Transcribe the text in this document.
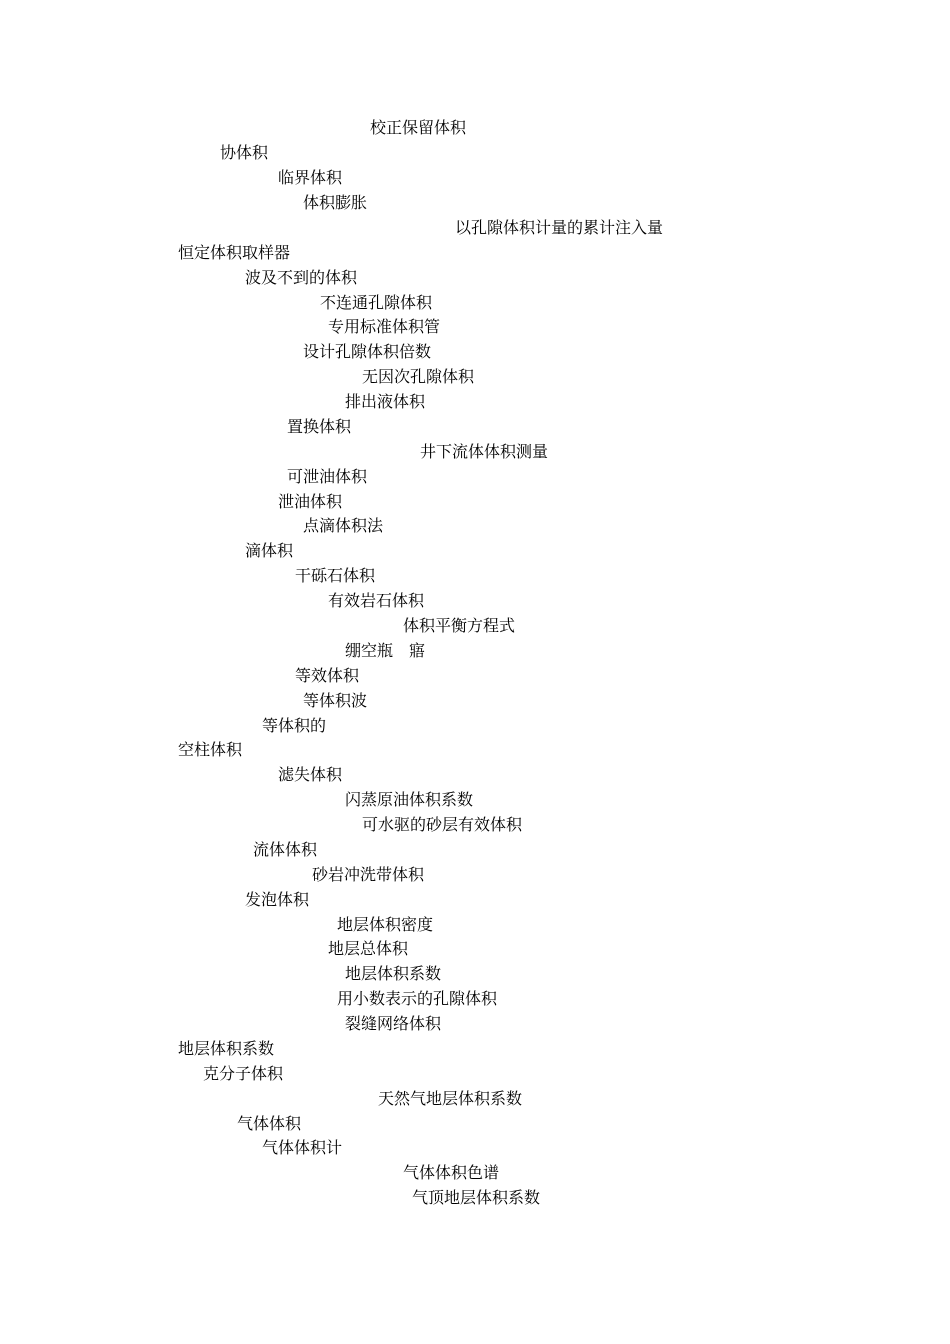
校正保留体积
协体积
临界体积
体积膨胀
以孔隙体积计量的累计注入量
恒定体积取样器
波及不到的体积
不连通孔隙体积
专用标准体积管
设计孔隙体积倍数
无因次孔隙体积
排出液体积
置换体积
井下流体体积测量
可泄油体积
泄油体积
点滴体积法
滴体积
干砾石体积
有效岩石体积
体积平衡方程式
绷空瓶　寤
等效体积
等体积波
等体积的
空柱体积
滤失体积
闪蒸原油体积系数
可水驱的砂层有效体积
流体体积
砂岩冲洗带体积
发泡体积
地层体积密度
地层总体积
地层体积系数
用小数表示的孔隙体积
裂缝网络体积
地层体积系数
克分子体积
天然气地层体积系数
气体体积
气体体积计
气体体积色谱
气顶地层体积系数
